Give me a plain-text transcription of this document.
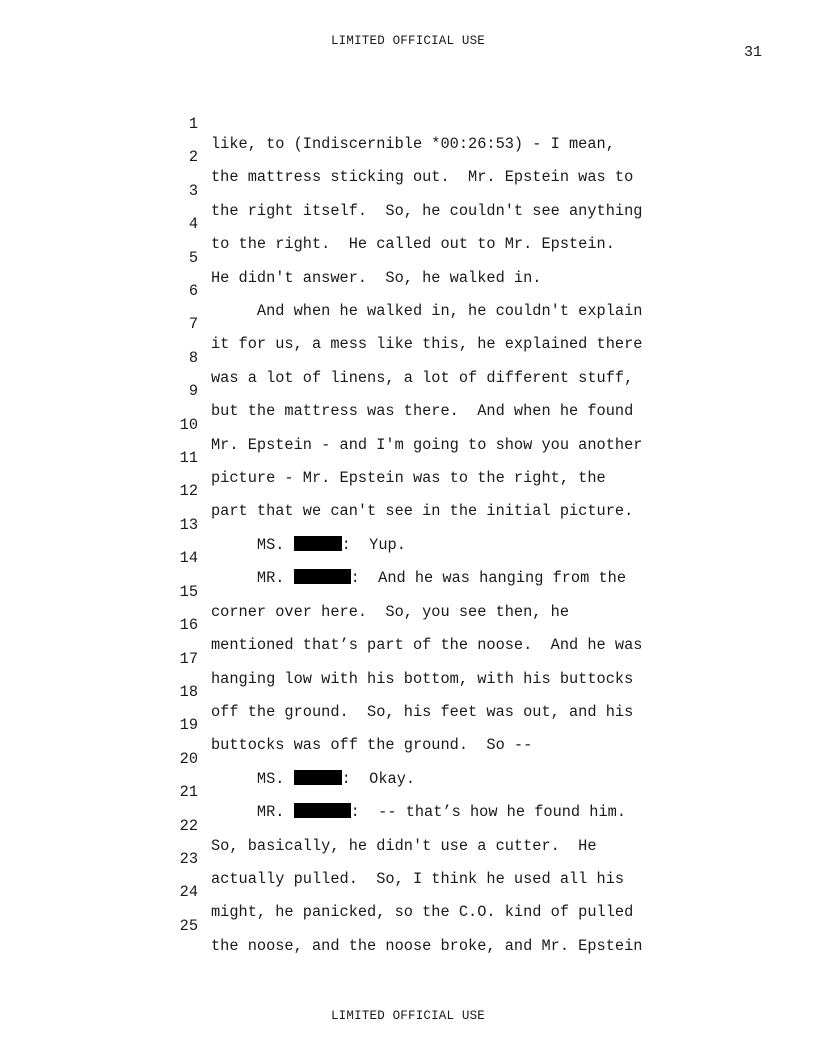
LIMITED OFFICIAL USE
31

1

like, to (Indiscernible *00:26:53) - I mean,

2

the mattress sticking out.  Mr. Epstein was to

3

the right itself.  So, he couldn't see anything

4

to the right.  He called out to Mr. Epstein.

5

He didn't answer.  So, he walked in.

6

And when he walked in, he couldn't explain

7

it for us, a mess like this, he explained there

8

was a lot of linens, a lot of different stuff,

9

but the mattress was there.  And when he found

10

Mr. Epstein - and I'm going to show you another

11

picture - Mr. Epstein was to the right, the

12

part that we can't see in the initial picture.

13

MS.	:  Yup.

14

MR.	:  And he was hanging from the

15

corner over here.  So, you see then, he

16

mentioned that’s part of the noose.  And he was

17

hanging low with his bottom, with his buttocks

18

off the ground.  So, his feet was out, and his

19

buttocks was off the ground.  So --

20

MS.	:  Okay.

21

MR.	:  -- that’s how he found him.

22

So, basically, he didn't use a cutter.  He

23

actually pulled.  So, I think he used all his

24

might, he panicked, so the C.O. kind of pulled

25

the noose, and the noose broke, and Mr. Epstein

LIMITED OFFICIAL USE
